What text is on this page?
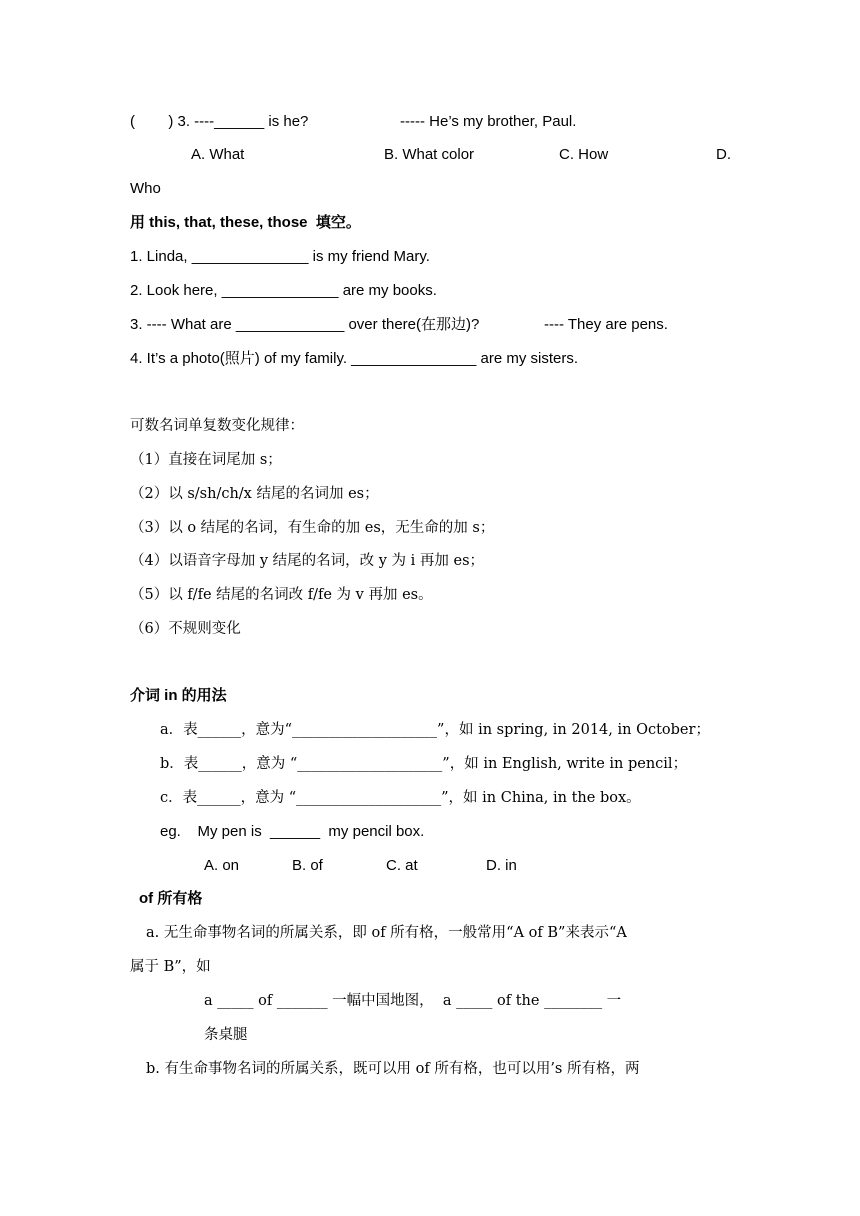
(        ) 3. ----______ is he?	----- He’s my brother, Paul.
A. What	B. What color	C. How	D.
Who
用 this, that, these, those  填空。
1. Linda, ______________ is my friend Mary.
2. Look here, ______________ are my books.
3. ---- What are _____________ over there(在那边)?	---- They are pens.
4. It’s a photo(照片) of my family. _______________ are my sisters.
可数名词单复数变化规律：
（1）直接在词尾加 s；
（2）以 s/sh/ch/x 结尾的名词加 es；
（3）以 o 结尾的名词，有生命的加 es，无生命的加 s；
（4）以语音字母加 y 结尾的名词，改 y 为 i 再加 es；
（5）以 f/fe 结尾的名词改 f/fe 为 v 再加 es。
（6）不规则变化
介词 in 的用法
a．表______，意为“____________________”，如 in spring, in 2014, in October；
b．表______，意为 “____________________”，如 in English, write in pencil；
c．表______，意为 “____________________”，如 in China, in the box。
eg.    My pen is  ______  my pencil box.
A. on	B. of	C. at	D. in
of 所有格
a. 无生命事物名词的所属关系，即 of 所有格，一般常用“A of B”来表示“A
属于 B”，如
a _____ of _______ 一幅中国地图，  a _____ of the ________ 一
条桌腿
b. 有生命事物名词的所属关系，既可以用 of 所有格，也可以用’s 所有格，两
